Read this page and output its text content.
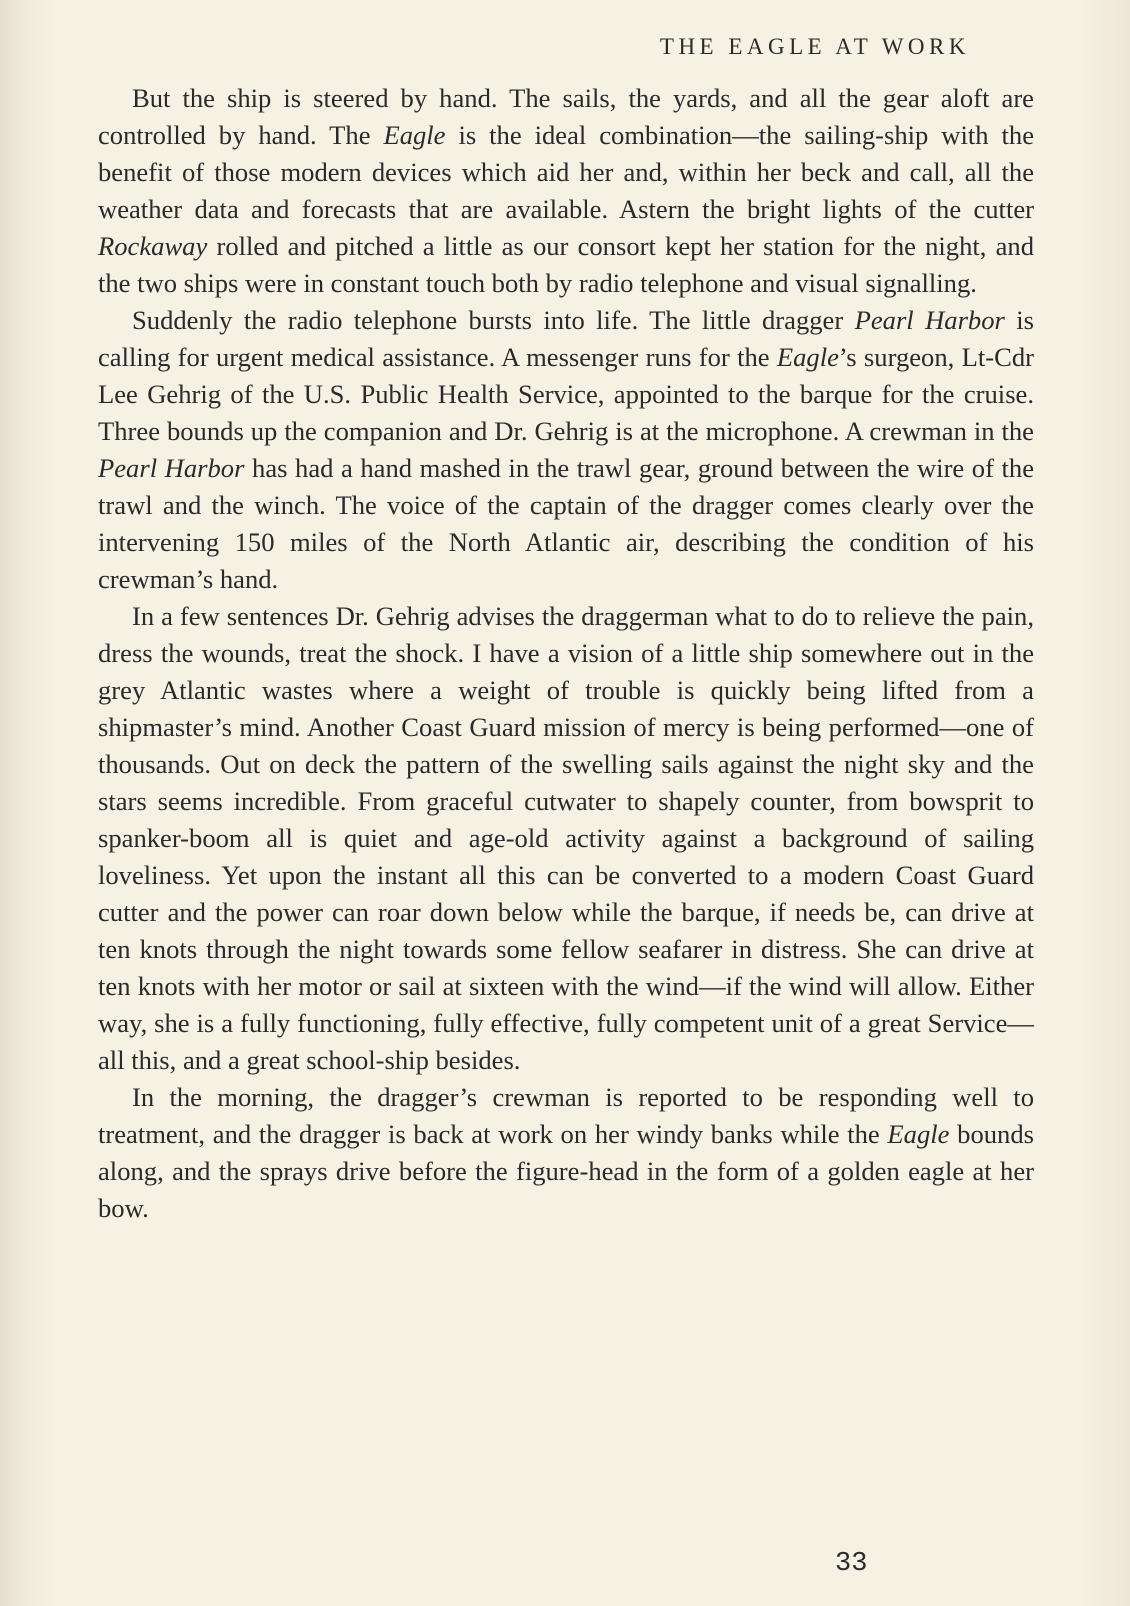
THE EAGLE AT WORK

But the ship is steered by hand. The sails, the yards, and all the gear aloft are controlled by hand. The Eagle is the ideal combination—the sailing-ship with the benefit of those modern devices which aid her and, within her beck and call, all the weather data and forecasts that are available. Astern the bright lights of the cutter Rockaway rolled and pitched a little as our consort kept her station for the night, and the two ships were in constant touch both by radio telephone and visual signalling.

Suddenly the radio telephone bursts into life. The little dragger Pearl Harbor is calling for urgent medical assistance. A messenger runs for the Eagle’s surgeon, Lt-Cdr Lee Gehrig of the U.S. Public Health Service, appointed to the barque for the cruise. Three bounds up the companion and Dr. Gehrig is at the microphone. A crewman in the Pearl Harbor has had a hand mashed in the trawl gear, ground between the wire of the trawl and the winch. The voice of the captain of the dragger comes clearly over the intervening 150 miles of the North Atlantic air, describing the condition of his crewman’s hand.

In a few sentences Dr. Gehrig advises the draggerman what to do to relieve the pain, dress the wounds, treat the shock. I have a vision of a little ship somewhere out in the grey Atlantic wastes where a weight of trouble is quickly being lifted from a shipmaster’s mind. Another Coast Guard mission of mercy is being performed—one of thousands. Out on deck the pattern of the swelling sails against the night sky and the stars seems incredible. From graceful cutwater to shapely counter, from bowsprit to spanker-boom all is quiet and age-old activity against a background of sailing loveliness. Yet upon the instant all this can be converted to a modern Coast Guard cutter and the power can roar down below while the barque, if needs be, can drive at ten knots through the night towards some fellow seafarer in distress. She can drive at ten knots with her motor or sail at sixteen with the wind—if the wind will allow. Either way, she is a fully functioning, fully effective, fully competent unit of a great Service—all this, and a great school-ship besides.

In the morning, the dragger’s crewman is reported to be responding well to treatment, and the dragger is back at work on her windy banks while the Eagle bounds along, and the sprays drive before the figure-head in the form of a golden eagle at her bow.

33
